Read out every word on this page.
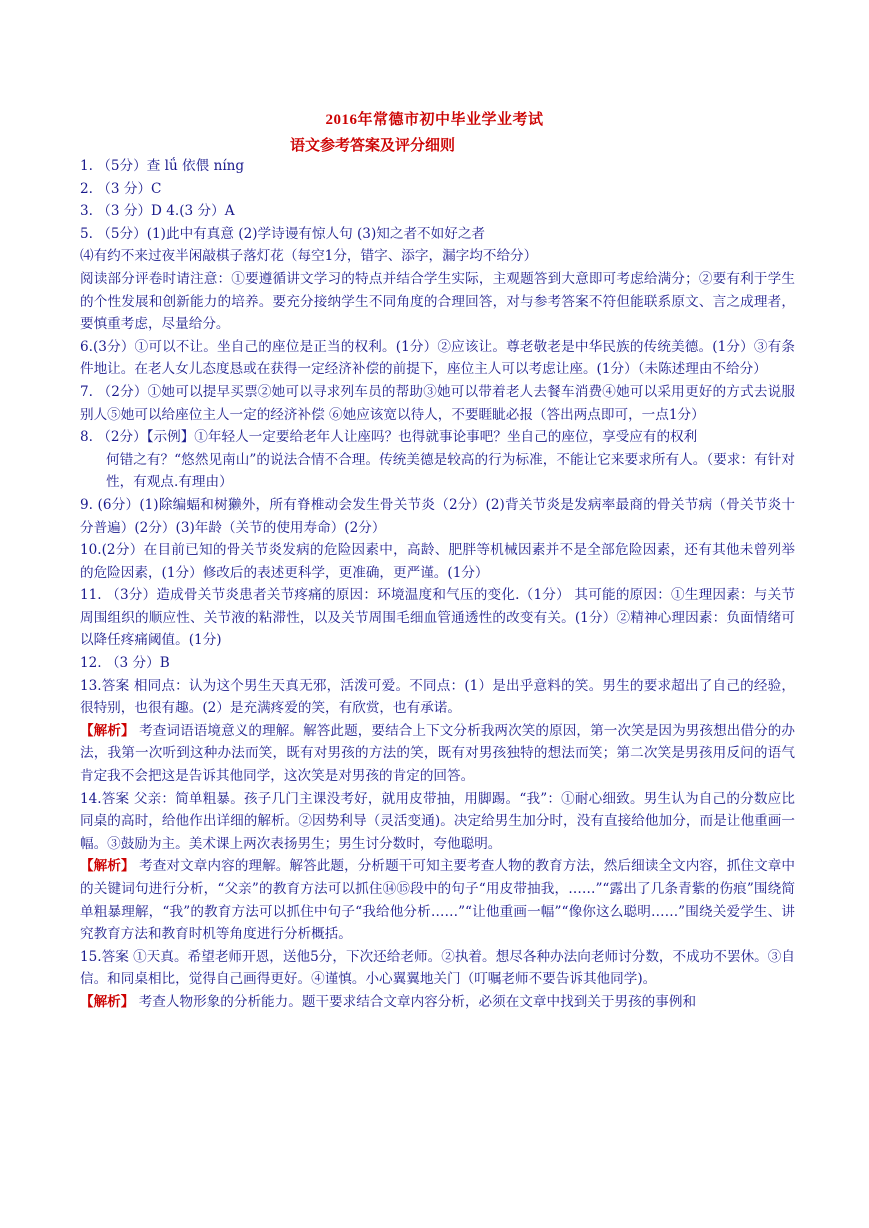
2016年常德市初中毕业学业考试
语文参考答案及评分细则

1. （5分）查 lǘ 依偎 níng

2. （3 分）C

3. （3 分）D 4.(3 分）A

5. （5分）(1)此中有真意 (2)学诗谩有惊人句 (3)知之者不如好之者

⑷有约不来过夜半闲敲棋子落灯花（每空1分，错字、添字，漏字均不给分）

阅读部分评卷时请注意：①要遵循讲文学习的特点并结合学生实际，主观题答到大意即可考虑给满分；②要有利于学生的个性发展和创新能力的培养。要充分接纳学生不同角度的合理回答，对与参考答案不符但能联系原文、言之成理者，要慎重考虑，尽量给分。

6.(3分）①可以不让。坐自己的座位是正当的权利。(1分）②应该让。尊老敬老是中华民族的传统美德。(1分）③有条件地让。在老人女儿态度恳或在获得一定经济补偿的前提下，座位主人可以考虑让座。(1分）（未陈述理由不给分）

7. （2分）①她可以提早买票②她可以寻求列车员的帮助③她可以带着老人去餐车消费④她可以采用更好的方式去说服别人⑤她可以给座位主人一定的经济补偿 ⑥她应该宽以待人，不要睚眦必报（答出两点即可，一点1分）

8. （2分）【示例】①年轻人一定要给老年人让座吗？也得就事论事吧？坐自己的座位，享受应有的权利

何错之有？“悠然见南山”的说法合情不合理。传统美德是较高的行为标准，不能让它来要求所有人。（要求：有针对性，有观点.有理由）

9. (6分）(1)除编蝠和树獭外，所有脊椎动会发生骨关节炎（2分）(2)背关节炎是发病率最商的骨关节病（骨关节炎十分普遍）(2分）(3)年龄（关节的使用寿命）(2分）

10.(2分）在目前已知的骨关节炎发病的危险因素中，高龄、肥胖等机械因素并不是全部危险因素，还有其他未曾列举的危险因素，(1分）修改后的表述更科学，更准确，更严谨。(1分）

11. （3分）造成骨关节炎患者关节疼痛的原因：环境温度和气压的变化.（1分） 其可能的原因：①生理因素：与关节周围组织的顺应性、关节液的粘滞性，以及关节周围毛细血管通透性的改变有关。(1分）②精神心理因素：负面情绪可以降任疼痛阈值。(1分)

12. （3 分）B

13.答案 相同点：认为这个男生天真无邪，活泼可爱。不同点：(1）是出乎意料的笑。男生的要求超出了自己的经验，很特别，也很有趣。(2）是充满疼爱的笑，有欣赏，也有承诺。

【解析】 考查词语语境意义的理解。解答此题，要结合上下文分析我两次笑的原因，第一次笑是因为男孩想出借分的办法，我第一次听到这种办法而笑，既有对男孩的方法的笑，既有对男孩独特的想法而笑；第二次笑是男孩用反问的语气肯定我不会把这是告诉其他同学，这次笑是对男孩的肯定的回答。

14.答案 父亲：简单粗暴。孩子几门主课没考好，就用皮带抽，用脚踢。“我”：①耐心细致。男生认为自己的分数应比同桌的高时，给他作出详细的解析。②因势利导（灵活变通)。决定给男生加分时，没有直接给他加分，而是让他重画一幅。③鼓励为主。美术课上两次表扬男生；男生讨分数时，夸他聪明。

【解析】 考查对文章内容的理解。解答此题，分析题干可知主要考查人物的教育方法，然后细读全文内容，抓住文章中的关键词句进行分析，“父亲”的教育方法可以抓住⑭⑮段中的句子“用皮带抽我，……”“露出了几条青紫的伤痕”围绕简单粗暴理解，“我”的教育方法可以抓住中句子“我给他分析……”“让他重画一幅”“像你这么聪明……”围绕关爱学生、讲究教育方法和教育时机等角度进行分析概括。

15.答案 ①天真。希望老师开恩，送他5分，下次还给老师。②执着。想尽各种办法向老师讨分数，不成功不罢休。③自信。和同桌相比，觉得自己画得更好。④谨慎。小心翼翼地关门（叮嘱老师不要告诉其他同学)。

【解析】 考查人物形象的分析能力。题干要求结合文章内容分析，必须在文章中找到关于男孩的事例和
